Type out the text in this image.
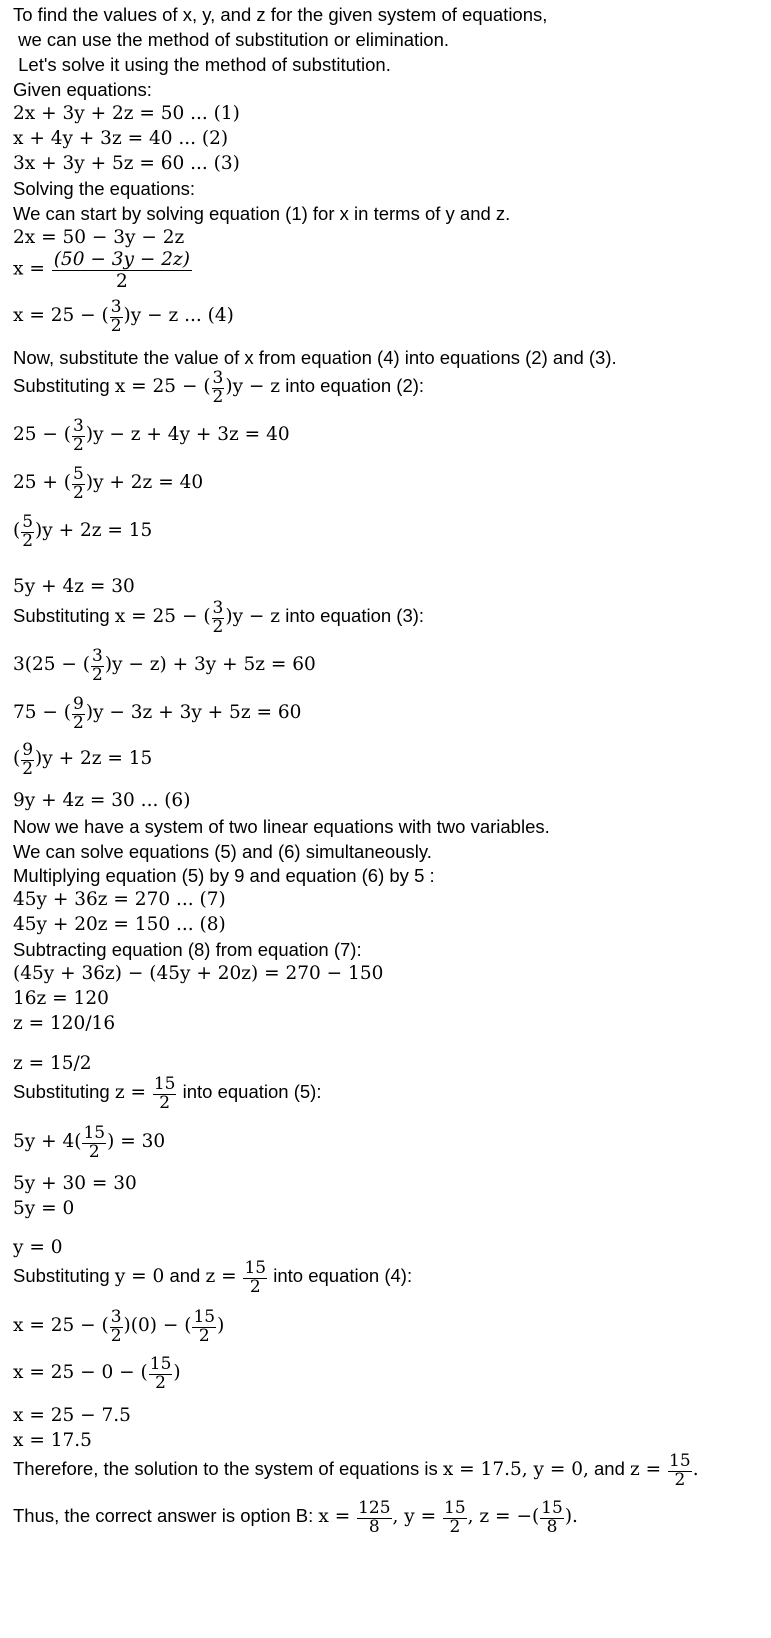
To find the values of x, y, and z for the given system of equations,
we can use the method of substitution or elimination.
Let's solve it using the method of substitution.
Given equations:
2x + 3y + 2z = 50 ... (1)
x + 4y + 3z = 40 ... (2)
3x + 3y + 5z = 60 ... (3)
Solving the equations:
We can start by solving equation (1) for x in terms of y and z.
2x = 50 − 3y − 2z
$x = \frac{(50 - 3y - 2z)}{2}$
x = 25 − ( $\frac{3}{2} )y - z$ ... (4)
Now, substitute the value of x from equation (4) into equations (2) and (3).
Substituting x = 25 − ( $\frac{3}{2} )y - z$ into equation (2):
25 − ( $\frac{3}{2} )y - z + 4y + 3z = 40$
25 + ( $\frac{5}{2} )y + 2z = 40$
( $\frac{5}{2} )y + 2z = 15$
5y + 4z = 30
Substituting x = 25 − ( $\frac{3}{2} )y - z$ into equation (3):
3(25 − ( $\frac{3}{2} )y - z) + 3y + 5z = 60$
75 − ( $\frac{9}{2} )y - 3z + 3y + 5z = 60$
( $\frac{9}{2} )y + 2z = 15$
9y + 4z = 30 ... (6)
Now we have a system of two linear equations with two variables.
We can solve equations (5) and (6) simultaneously.
Multiplying equation (5) by 9 and equation (6) by 5 :
45y + 36z = 270 ... (7)
45y + 20z = 150 ... (8)
Subtracting equation (8) from equation (7):
(45y + 36z) − (45y + 20z) = 270 − 150
16z = 120
z = 120/16
z = 15/2
Substituting $z = \frac{15}{2}$ into equation (5):
$5y + 4( \frac{15}{2}$ ) = 30
5y + 30 = 30
5y = 0
y = 0
Substituting y = 0 and $z = \frac{15}{2}$ into equation (4):
x = 25 − ( $\frac{3}{2} )(0)$ − ( $\frac{15}{2}$ )
x = 25 − 0 − ( $\frac{15}{2}$ )
x = 25 − 7.5
x = 17.5
Therefore, the solution to the system of equations is x = 17.5, y = 0, and $z = \frac{15}{2}$ .
Thus, the correct answer is option B: $x = \frac{125}{8}$ , $y = \frac{15}{2}$ , z = −( $\frac{15}{8}$ ).
